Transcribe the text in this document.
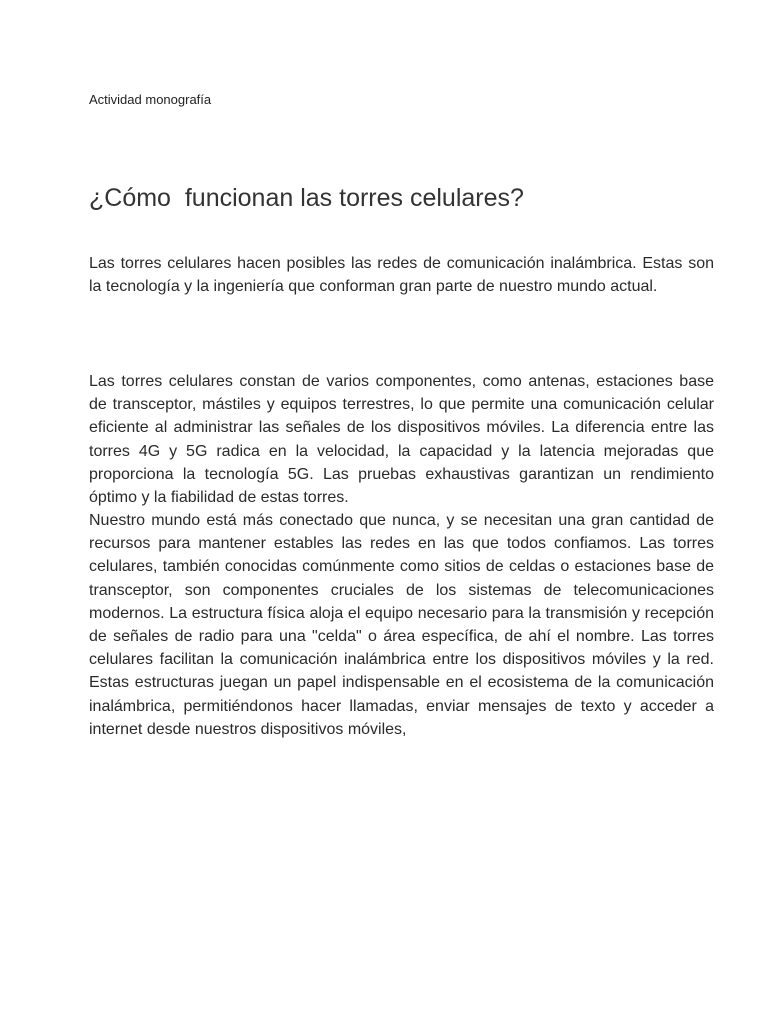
Actividad monografía
¿Cómo  funcionan las torres celulares?

Las torres celulares hacen posibles las redes de comunicación inalámbrica. Estas son la tecnología y la ingeniería que conforman gran parte de nuestro mundo actual.

Las torres celulares constan de varios componentes, como antenas, estaciones base de transceptor, mástiles y equipos terrestres, lo que permite una comunicación celular eficiente al administrar las señales de los dispositivos móviles. La diferencia entre las torres 4G y 5G radica en la velocidad, la capacidad y la latencia mejoradas que proporciona la tecnología 5G. Las pruebas exhaustivas garantizan un rendimiento óptimo y la fiabilidad de estas torres.

Nuestro mundo está más conectado que nunca, y se necesitan una gran cantidad de recursos para mantener estables las redes en las que todos confiamos. Las torres celulares, también conocidas comúnmente como sitios de celdas o estaciones base de transceptor, son componentes cruciales de los sistemas de telecomunicaciones modernos. La estructura física aloja el equipo necesario para la transmisión y recepción de señales de radio para una "celda" o área específica, de ahí el nombre. Las torres celulares facilitan la comunicación inalámbrica entre los dispositivos móviles y la red. Estas estructuras juegan un papel indispensable en el ecosistema de la comunicación inalámbrica, permitiéndonos hacer llamadas, enviar mensajes de texto y acceder a internet desde nuestros dispositivos móviles,
